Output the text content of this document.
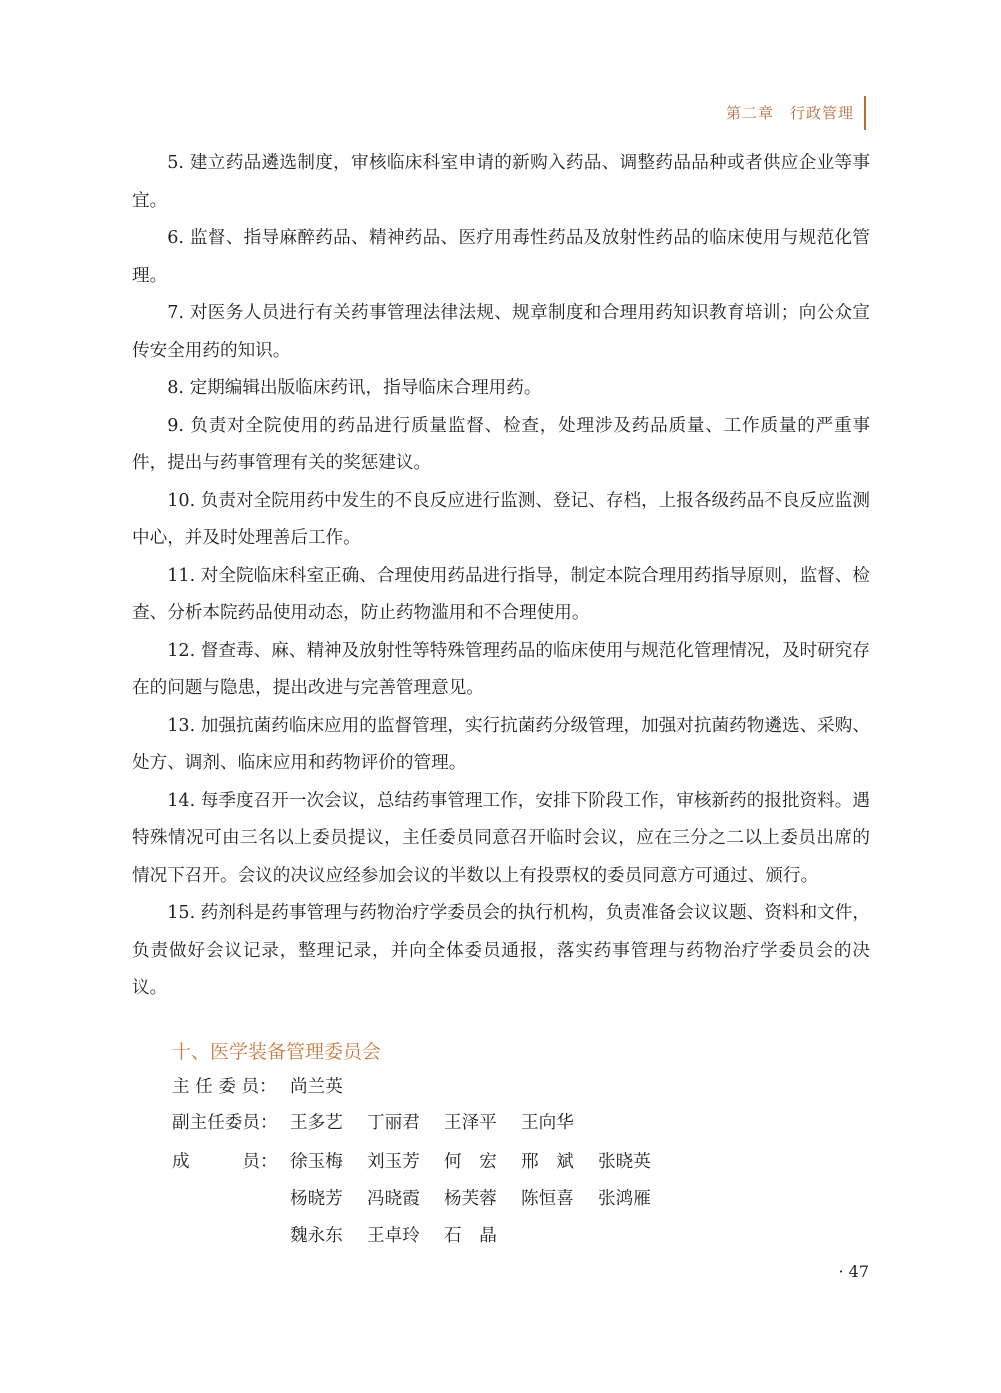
第二章　行政管理

5. 建立药品遴选制度，审核临床科室申请的新购入药品、调整药品品种或者供应企业等事宜。

6. 监督、指导麻醉药品、精神药品、医疗用毒性药品及放射性药品的临床使用与规范化管理。

7. 对医务人员进行有关药事管理法律法规、规章制度和合理用药知识教育培训；向公众宣传安全用药的知识。

8. 定期编辑出版临床药讯，指导临床合理用药。

9. 负责对全院使用的药品进行质量监督、检查，处理涉及药品质量、工作质量的严重事件，提出与药事管理有关的奖惩建议。

10. 负责对全院用药中发生的不良反应进行监测、登记、存档，上报各级药品不良反应监测中心，并及时处理善后工作。

11. 对全院临床科室正确、合理使用药品进行指导，制定本院合理用药指导原则，监督、检查、分析本院药品使用动态，防止药物滥用和不合理使用。

12. 督查毒、麻、精神及放射性等特殊管理药品的临床使用与规范化管理情况，及时研究存在的问题与隐患，提出改进与完善管理意见。

13. 加强抗菌药临床应用的监督管理，实行抗菌药分级管理，加强对抗菌药物遴选、采购、处方、调剂、临床应用和药物评价的管理。

14. 每季度召开一次会议，总结药事管理工作，安排下阶段工作，审核新药的报批资料。遇特殊情况可由三名以上委员提议，主任委员同意召开临时会议，应在三分之二以上委员出席的情况下召开。会议的决议应经参加会议的半数以上有投票权的委员同意方可通过、颁行。

15. 药剂科是药事管理与药物治疗学委员会的执行机构，负责准备会议议题、资料和文件，负责做好会议记录，整理记录，并向全体委员通报，落实药事管理与药物治疗学委员会的决议。

十、医学装备管理委员会
主 任 委 员： 尚兰英
副主任委员： 王多艺 丁丽君 王泽平 王向华
成　　　员： 徐玉梅 刘玉芳 何　宏 邢　斌 张晓英
杨晓芳 冯晓霞 杨芙蓉 陈恒喜 张鸿雁
魏永东 王卓玲 石　晶
· 47
